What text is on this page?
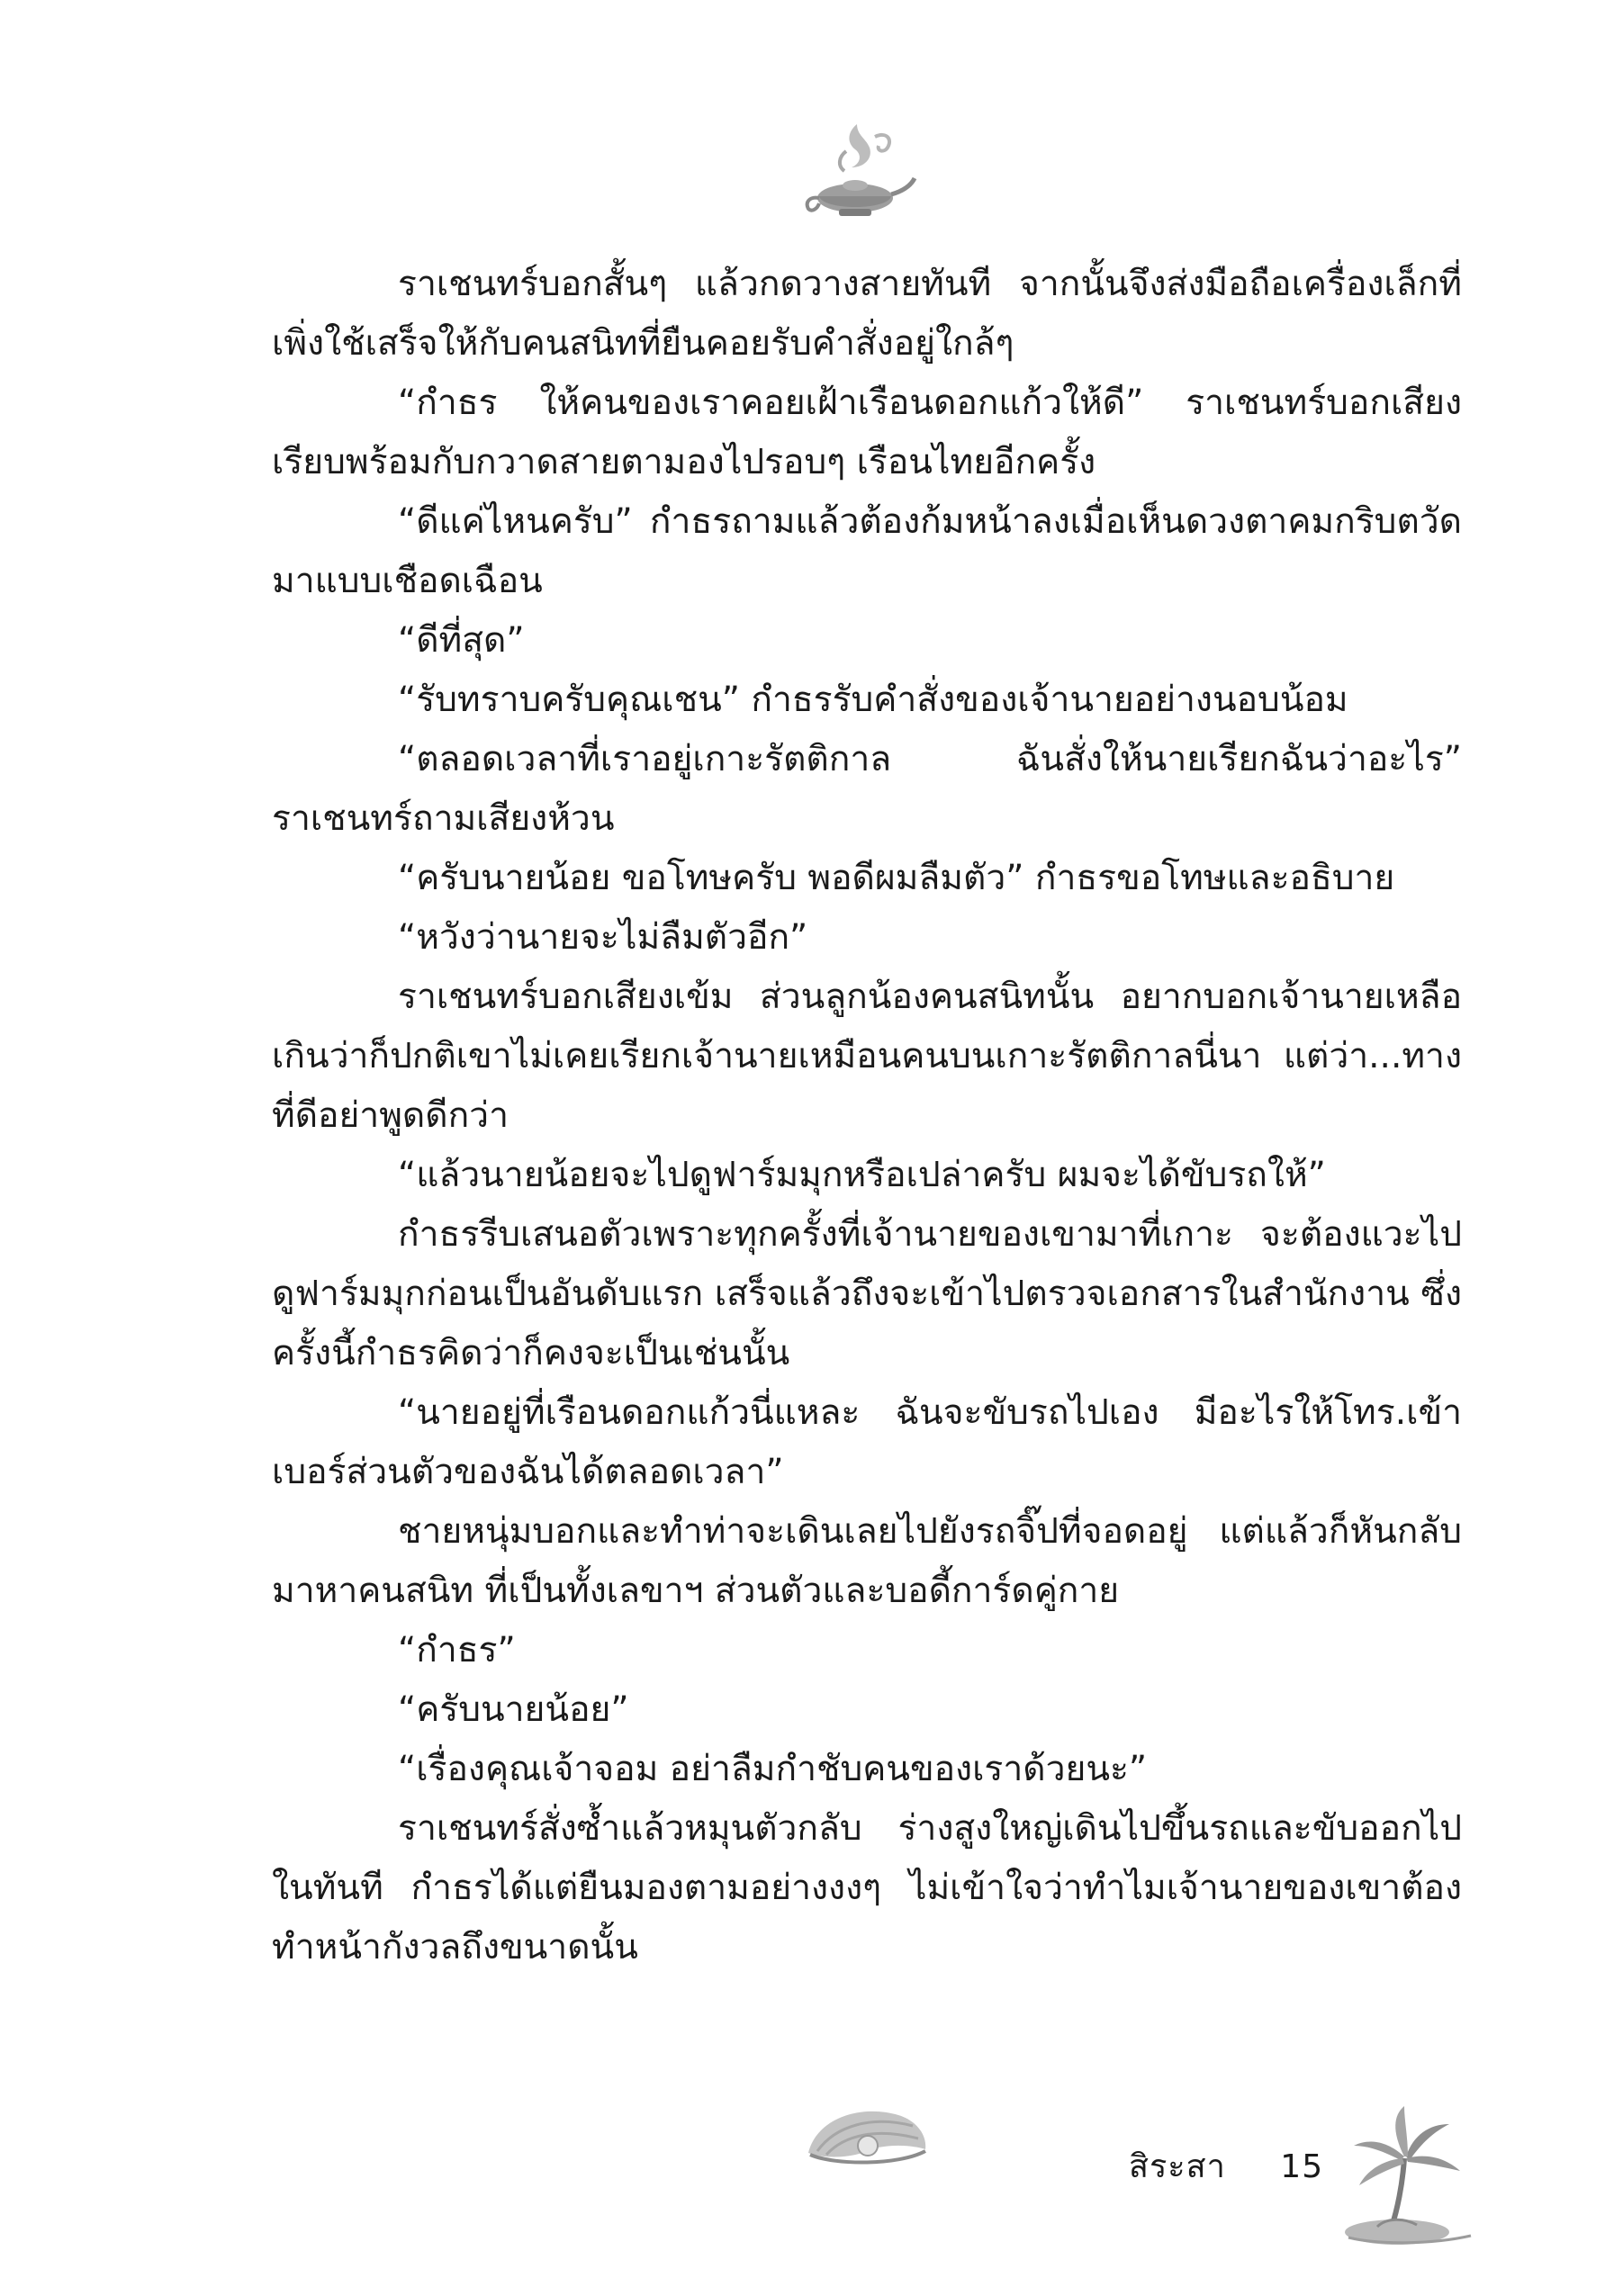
ราเชนทร์บอกสั้นๆ แล้วกดวางสายทันที จากนั้นจึงส่งมือถือเครื่องเล็กที่เพิ่งใช้เสร็จให้กับคนสนิทที่ยืนคอยรับคำสั่งอยู่ใกล้ๆ

“กำธร ให้คนของเราคอยเฝ้าเรือนดอกแก้วให้ดี” ราเชนทร์บอกเสียงเรียบพร้อมกับกวาดสายตามองไปรอบๆ เรือนไทยอีกครั้ง

“ดีแค่ไหนครับ” กำธรถามแล้วต้องก้มหน้าลงเมื่อเห็นดวงตาคมกริบตวัดมาแบบเชือดเฉือน

“ดีที่สุด”

“รับทราบครับคุณเชน” กำธรรับคำสั่งของเจ้านายอย่างนอบน้อม

“ตลอดเวลาที่เราอยู่เกาะรัตติกาล ฉันสั่งให้นายเรียกฉันว่าอะไร” ราเชนทร์ถามเสียงห้วน

“ครับนายน้อย ขอโทษครับ พอดีผมลืมตัว” กำธรขอโทษและอธิบาย

“หวังว่านายจะไม่ลืมตัวอีก”

ราเชนทร์บอกเสียงเข้ม ส่วนลูกน้องคนสนิทนั้น อยากบอกเจ้านายเหลือเกินว่าก็ปกติเขาไม่เคยเรียกเจ้านายเหมือนคนบนเกาะรัตติกาลนี่นา แต่ว่า...ทางที่ดีอย่าพูดดีกว่า

“แล้วนายน้อยจะไปดูฟาร์มมุกหรือเปล่าครับ ผมจะได้ขับรถให้”

กำธรรีบเสนอตัวเพราะทุกครั้งที่เจ้านายของเขามาที่เกาะ จะต้องแวะไปดูฟาร์มมุกก่อนเป็นอันดับแรก เสร็จแล้วถึงจะเข้าไปตรวจเอกสารในสำนักงาน ซึ่งครั้งนี้กำธรคิดว่าก็คงจะเป็นเช่นนั้น

“นายอยู่ที่เรือนดอกแก้วนี่แหละ ฉันจะขับรถไปเอง มีอะไรให้โทร.เข้าเบอร์ส่วนตัวของฉันได้ตลอดเวลา”

ชายหนุ่มบอกและทำท่าจะเดินเลยไปยังรถจิ๊ปที่จอดอยู่ แต่แล้วก็หันกลับมาหาคนสนิท ที่เป็นทั้งเลขาฯ ส่วนตัวและบอดี้การ์ดคู่กาย

“กำธร”

“ครับนายน้อย”

“เรื่องคุณเจ้าจอม อย่าลืมกำชับคนของเราด้วยนะ”

ราเชนทร์สั่งซ้ำแล้วหมุนตัวกลับ ร่างสูงใหญ่เดินไปขึ้นรถและขับออกไปในทันที กำธรได้แต่ยืนมองตามอย่างงงๆ ไม่เข้าใจว่าทำไมเจ้านายของเขาต้องทำหน้ากังวลถึงขนาดนั้น

สิระสา 15
